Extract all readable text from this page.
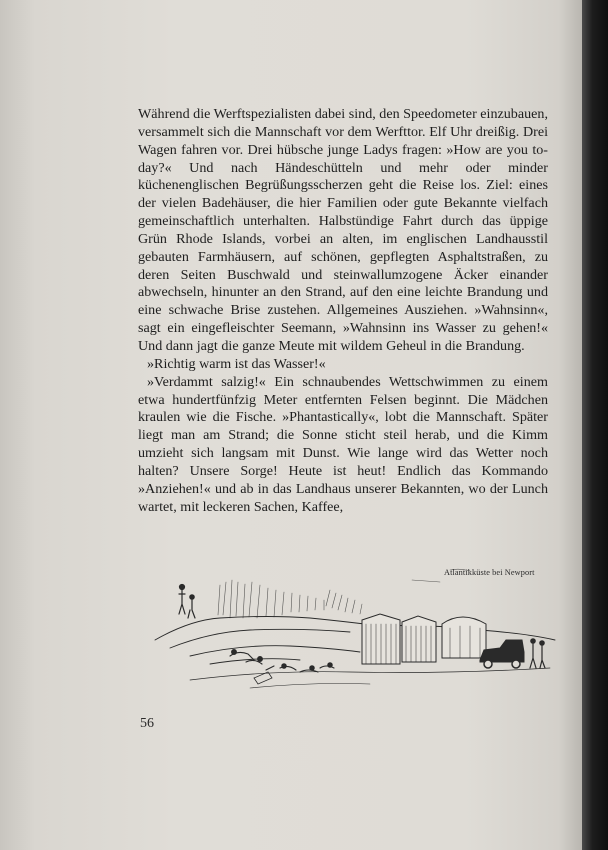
Während die Werftspezialisten dabei sind, den Speedometer einzubauen, versammelt sich die Mannschaft vor dem Werfttor. Elf Uhr dreißig. Drei Wagen fahren vor. Drei hübsche junge Ladys fragen: »How are you to-day?« Und nach Händeschütteln und mehr oder minder küchenenglischen Begrüßungsscherzen geht die Reise los. Ziel: eines der vielen Badehäuser, die hier Familien oder gute Bekannte vielfach gemeinschaftlich unterhalten. Halbstündige Fahrt durch das üppige Grün Rhode Islands, vorbei an alten, im englischen Landhausstil gebauten Farmhäusern, auf schönen, gepflegten Asphaltstraßen, zu deren Seiten Buschwald und steinwallumzogene Äcker einander abwechseln, hinunter an den Strand, auf den eine leichte Brandung und eine schwache Brise zustehen. Allgemeines Ausziehen. »Wahnsinn«, sagt ein eingefleischter Seemann, »Wahnsinn ins Wasser zu gehen!« Und dann jagt die ganze Meute mit wildem Geheul in die Brandung.

»Richtig warm ist das Wasser!«

»Verdammt salzig!« Ein schnaubendes Wettschwimmen zu einem etwa hundertfünfzig Meter entfernten Felsen beginnt. Die Mädchen kraulen wie die Fische. »Phantastically«, lobt die Mannschaft. Später liegt man am Strand; die Sonne sticht steil herab, und die Kimm umzieht sich langsam mit Dunst. Wie lange wird das Wetter noch halten? Unsere Sorge! Heute ist heut! Endlich das Kommando »Anziehen!« und ab in das Landhaus unserer Bekannten, wo der Lunch wartet, mit leckeren Sachen, Kaffee,

Atlantikküste bei Newport
56
